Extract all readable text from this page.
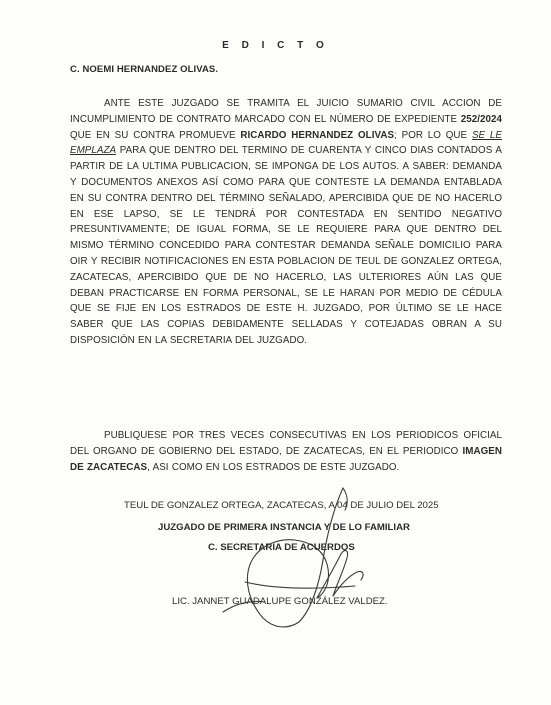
E D I C T O
C. NOEMI HERNANDEZ OLIVAS.
ANTE ESTE JUZGADO SE TRAMITA EL JUICIO SUMARIO CIVIL ACCION DE INCUMPLIMIENTO DE CONTRATO MARCADO CON EL NÚMERO DE EXPEDIENTE 252/2024 QUE EN SU CONTRA PROMUEVE RICARDO HERNANDEZ OLIVAS; POR LO QUE SE LE EMPLAZA PARA QUE DENTRO DEL TERMINO DE CUARENTA Y CINCO DIAS CONTADOS A PARTIR DE LA ULTIMA PUBLICACION, SE IMPONGA DE LOS AUTOS. A SABER: DEMANDA Y DOCUMENTOS ANEXOS ASÍ COMO PARA QUE CONTESTE LA DEMANDA ENTABLADA EN SU CONTRA DENTRO DEL TÉRMINO SEÑALADO, APERCIBIDA QUE DE NO HACERLO EN ESE LAPSO, SE LE TENDRÁ POR CONTESTADA EN SENTIDO NEGATIVO PRESUNTIVAMENTE; DE IGUAL FORMA, SE LE REQUIERE PARA QUE DENTRO DEL MISMO TÉRMINO CONCEDIDO PARA CONTESTAR DEMANDA SEÑALE DOMICILIO PARA OIR Y RECIBIR NOTIFICACIONES EN ESTA POBLACION DE TEUL DE GONZALEZ ORTEGA, ZACATECAS, APERCIBIDO QUE DE NO HACERLO, LAS ULTERIORES AÚN LAS QUE DEBAN PRACTICARSE EN FORMA PERSONAL, SE LE HARAN POR MEDIO DE CÉDULA QUE SE FIJE EN LOS ESTRADOS DE ESTE H. JUZGADO, POR ÚLTIMO SE LE HACE SABER QUE LAS COPIAS DEBIDAMENTE SELLADAS Y COTEJADAS OBRAN A SU DISPOSICIÓN EN LA SECRETARIA DEL JUZGADO.
PUBLIQUESE POR TRES VECES CONSECUTIVAS EN LOS PERIODICOS OFICIAL DEL ORGANO DE GOBIERNO DEL ESTADO, DE ZACATECAS, EN EL PERIODICO IMAGEN DE ZACATECAS, ASI COMO EN LOS ESTRADOS DE ESTE JUZGADO.
TEUL DE GONZALEZ ORTEGA, ZACATECAS, A 04 DE JULIO DEL 2025
JUZGADO DE PRIMERA INSTANCIA Y DE LO FAMILIAR
C. SECRETARIA DE ACUERDOS
LIC. JANNET GUADALUPE GONZÁLEZ VALDEZ.
